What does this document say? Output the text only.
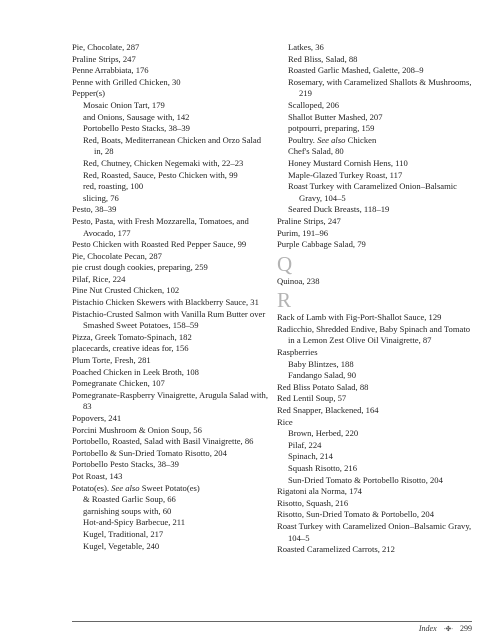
Pie, Chocolate, 287
Praline Strips, 247
Penne Arrabbiata, 176
Penne with Grilled Chicken, 30
Pepper(s)
Mosaic Onion Tart, 179
and Onions, Sausage with, 142
Portobello Pesto Stacks, 38–39
Red, Boats, Mediterranean Chicken and Orzo Salad in, 28
Red, Chutney, Chicken Negemaki with, 22–23
Red, Roasted, Sauce, Pesto Chicken with, 99
red, roasting, 100
slicing, 76
Pesto, 38–39
Pesto, Pasta, with Fresh Mozzarella, Tomatoes, and Avocado, 177
Pesto Chicken with Roasted Red Pepper Sauce, 99
Pie, Chocolate Pecan, 287
pie crust dough cookies, preparing, 259
Pilaf, Rice, 224
Pine Nut Crusted Chicken, 102
Pistachio Chicken Skewers with Blackberry Sauce, 31
Pistachio-Crusted Salmon with Vanilla Rum Butter over Smashed Sweet Potatoes, 158–59
Pizza, Greek Tomato-Spinach, 182
placecards, creative ideas for, 156
Plum Torte, Fresh, 281
Poached Chicken in Leek Broth, 108
Pomegranate Chicken, 107
Pomegranate-Raspberry Vinaigrette, Arugula Salad with, 83
Popovers, 241
Porcini Mushroom & Onion Soup, 56
Portobello, Roasted, Salad with Basil Vinaigrette, 86
Portobello & Sun-Dried Tomato Risotto, 204
Portobello Pesto Stacks, 38–39
Pot Roast, 143
Potato(es). See also Sweet Potato(es)
& Roasted Garlic Soup, 66
garnishing soups with, 60
Hot-and-Spicy Barbecue, 211
Kugel, Traditional, 217
Kugel, Vegetable, 240
Latkes, 36
Red Bliss, Salad, 88
Roasted Garlic Mashed, Galette, 208–9
Rosemary, with Caramelized Shallots & Mushrooms, 219
Scalloped, 206
Shallot Butter Mashed, 207
potpourri, preparing, 159
Poultry. See also Chicken
Chef's Salad, 80
Honey Mustard Cornish Hens, 110
Maple-Glazed Turkey Roast, 117
Roast Turkey with Caramelized Onion–Balsamic Gravy, 104–5
Seared Duck Breasts, 118–19
Praline Strips, 247
Purim, 191–96
Purple Cabbage Salad, 79
Q
Quinoa, 238
R
Rack of Lamb with Fig-Port-Shallot Sauce, 129
Radicchio, Shredded Endive, Baby Spinach and Tomato in a Lemon Zest Olive Oil Vinaigrette, 87
Raspberries
Baby Blintzes, 188
Fandango Salad, 90
Red Bliss Potato Salad, 88
Red Lentil Soup, 57
Red Snapper, Blackened, 164
Rice
Brown, Herbed, 220
Pilaf, 224
Spinach, 214
Squash Risotto, 216
Sun-Dried Tomato & Portobello Risotto, 204
Rigatoni ala Norma, 174
Risotto, Squash, 216
Risotto, Sun-Dried Tomato & Portobello, 204
Roast Turkey with Caramelized Onion–Balsamic Gravy, 104–5
Roasted Caramelized Carrots, 212
Index ∙✤∙ 299
